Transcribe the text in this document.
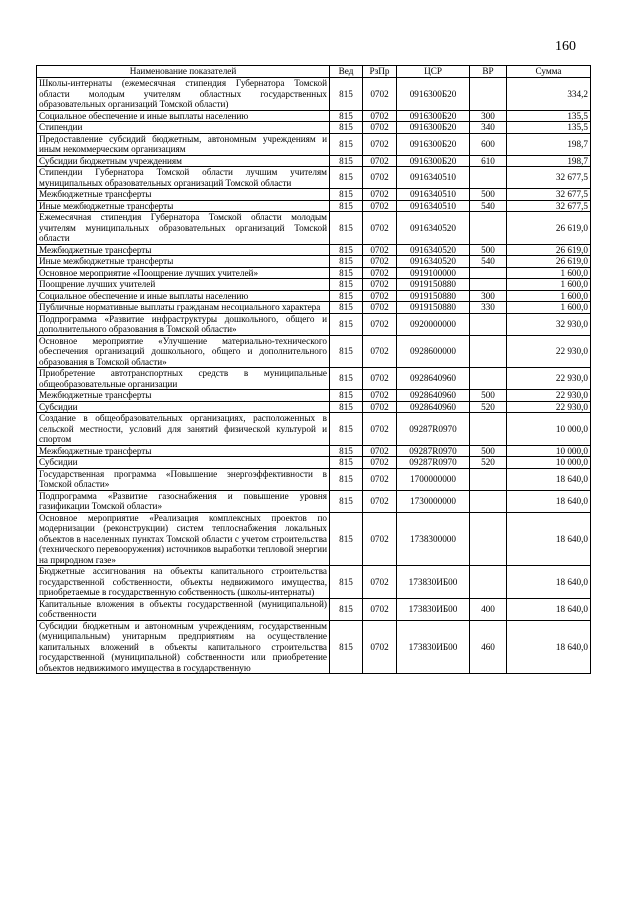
160
Наименование показателей	Вед	РзПр	ЦСР	ВР	Сумма
Школы-интернаты (ежемесячная стипендия Губернатора Томской области молодым учителям областных государственных образовательных организаций Томской области)	815	0702	0916300Б20		334,2
Социальное обеспечение и иные выплаты населению	815	0702	0916300Б20	300	135,5
Стипендии	815	0702	0916300Б20	340	135,5
Предоставление субсидий бюджетным, автономным учреждениям и иным некоммерческим организациям	815	0702	0916300Б20	600	198,7
Субсидии бюджетным учреждениям	815	0702	0916300Б20	610	198,7
Стипендии Губернатора Томской области лучшим учителям муниципальных образовательных организаций Томской области	815	0702	0916340510		32 677,5
Межбюджетные трансферты	815	0702	0916340510	500	32 677,5
Иные межбюджетные трансферты	815	0702	0916340510	540	32 677,5
Ежемесячная стипендия Губернатора Томской области молодым учителям муниципальных образовательных организаций Томской области	815	0702	0916340520		26 619,0
Межбюджетные трансферты	815	0702	0916340520	500	26 619,0
Иные межбюджетные трансферты	815	0702	0916340520	540	26 619,0
Основное мероприятие «Поощрение лучших учителей»	815	0702	0919100000		1 600,0
Поощрение лучших учителей	815	0702	0919150880		1 600,0
Социальное обеспечение и иные выплаты населению	815	0702	0919150880	300	1 600,0
Публичные нормативные выплаты гражданам несоциального характера	815	0702	0919150880	330	1 600,0
Подпрограмма «Развитие инфраструктуры дошкольного, общего и дополнительного образования в Томской области»	815	0702	0920000000		32 930,0
Основное мероприятие «Улучшение материально-технического обеспечения организаций дошкольного, общего и дополнительного образования в Томской области»	815	0702	0928600000		22 930,0
Приобретение автотранспортных средств в муниципальные общеобразовательные организации	815	0702	0928640960		22 930,0
Межбюджетные трансферты	815	0702	0928640960	500	22 930,0
Субсидии	815	0702	0928640960	520	22 930,0
Создание в общеобразовательных организациях, расположенных в сельской местности, условий для занятий физической культурой и спортом	815	0702	09287R0970		10 000,0
Межбюджетные трансферты	815	0702	09287R0970	500	10 000,0
Субсидии	815	0702	09287R0970	520	10 000,0
Государственная программа «Повышение энергоэффективности в Томской области»	815	0702	1700000000		18 640,0
Подпрограмма «Развитие газоснабжения и повышение уровня газификации Томской области»	815	0702	1730000000		18 640,0
Основное мероприятие «Реализация комплексных проектов по модернизации (реконструкции) систем теплоснабжения локальных объектов в населенных пунктах Томской области с учетом строительства (технического перевооружения) источников выработки тепловой энергии на природном газе»	815	0702	1738300000		18 640,0
Бюджетные ассигнования на объекты капитального строительства государственной собственности, объекты недвижимого имущества, приобретаемые в государственную собственность (школы-интернаты)	815	0702	173830ИБ00		18 640,0
Капитальные вложения в объекты государственной (муниципальной) собственности	815	0702	173830ИБ00	400	18 640,0
Субсидии бюджетным и автономным учреждениям, государственным (муниципальным) унитарным предприятиям на осуществление капитальных вложений в объекты капитального строительства государственной (муниципальной) собственности или приобретение объектов недвижимого имущества в государственную	815	0702	173830ИБ00	460	18 640,0
